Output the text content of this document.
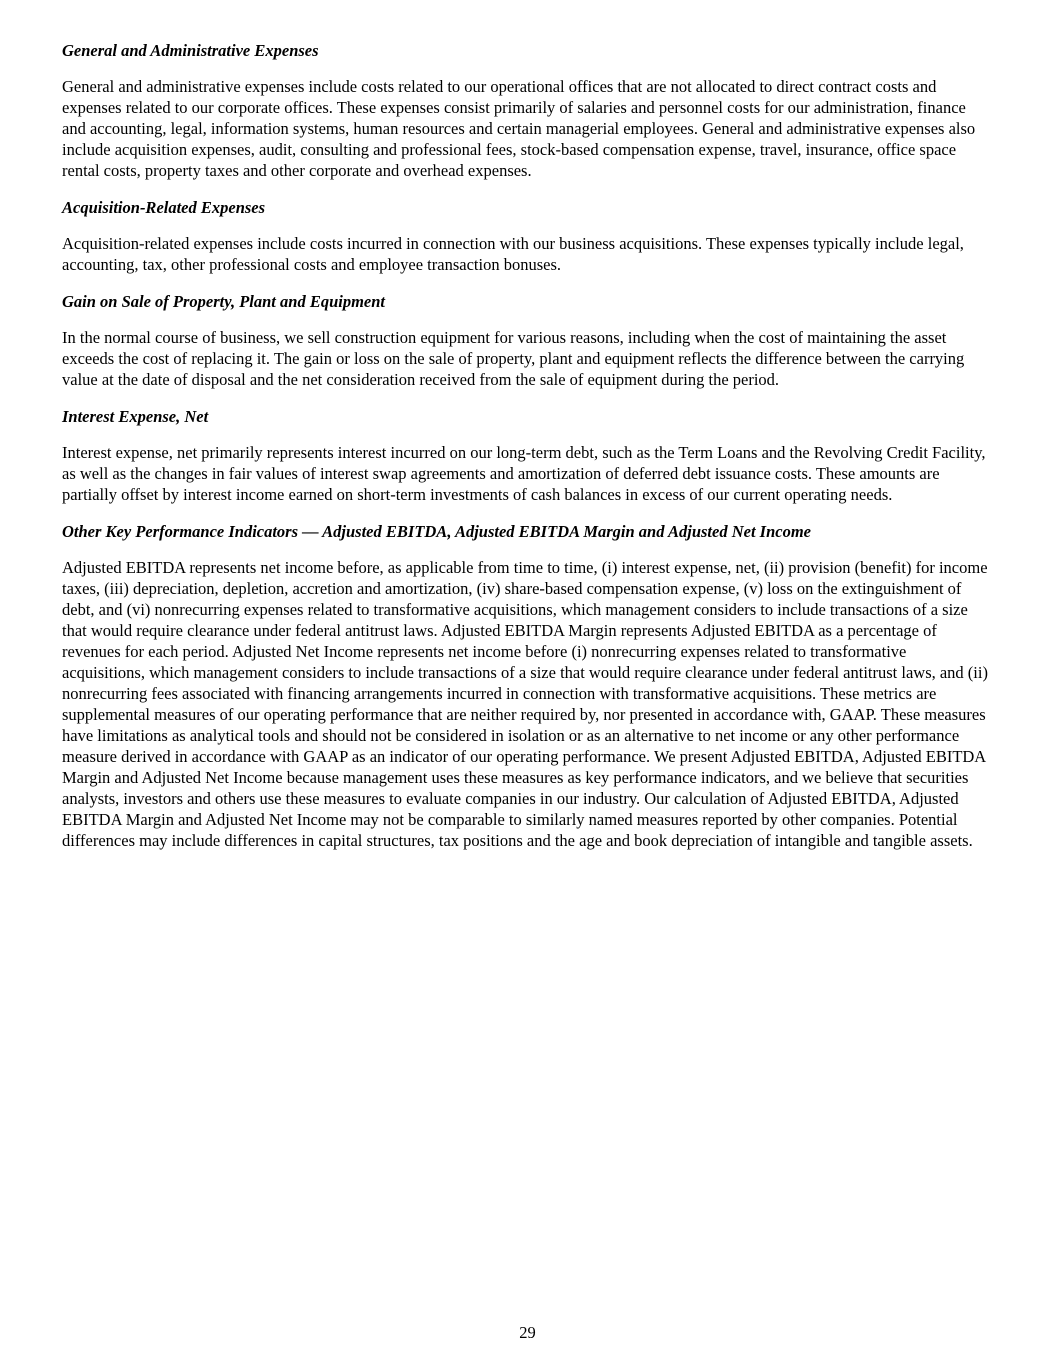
General and Administrative Expenses

General and administrative expenses include costs related to our operational offices that are not allocated to direct contract costs and expenses related to our corporate offices. These expenses consist primarily of salaries and personnel costs for our administration, finance and accounting, legal, information systems, human resources and certain managerial employees. General and administrative expenses also include acquisition expenses, audit, consulting and professional fees, stock-based compensation expense, travel, insurance, office space rental costs, property taxes and other corporate and overhead expenses.

Acquisition-Related Expenses

Acquisition-related expenses include costs incurred in connection with our business acquisitions. These expenses typically include legal, accounting, tax, other professional costs and employee transaction bonuses.

Gain on Sale of Property, Plant and Equipment

In the normal course of business, we sell construction equipment for various reasons, including when the cost of maintaining the asset exceeds the cost of replacing it. The gain or loss on the sale of property, plant and equipment reflects the difference between the carrying value at the date of disposal and the net consideration received from the sale of equipment during the period.

Interest Expense, Net

Interest expense, net primarily represents interest incurred on our long-term debt, such as the Term Loans and the Revolving Credit Facility, as well as the changes in fair values of interest swap agreements and amortization of deferred debt issuance costs. These amounts are partially offset by interest income earned on short-term investments of cash balances in excess of our current operating needs.

Other Key Performance Indicators — Adjusted EBITDA, Adjusted EBITDA Margin and Adjusted Net Income

Adjusted EBITDA represents net income before, as applicable from time to time, (i) interest expense, net, (ii) provision (benefit) for income taxes, (iii) depreciation, depletion, accretion and amortization, (iv) share-based compensation expense, (v) loss on the extinguishment of debt, and (vi) nonrecurring expenses related to transformative acquisitions, which management considers to include transactions of a size that would require clearance under federal antitrust laws. Adjusted EBITDA Margin represents Adjusted EBITDA as a percentage of revenues for each period. Adjusted Net Income represents net income before (i) nonrecurring expenses related to transformative acquisitions, which management considers to include transactions of a size that would require clearance under federal antitrust laws, and (ii) nonrecurring fees associated with financing arrangements incurred in connection with transformative acquisitions. These metrics are supplemental measures of our operating performance that are neither required by, nor presented in accordance with, GAAP. These measures have limitations as analytical tools and should not be considered in isolation or as an alternative to net income or any other performance measure derived in accordance with GAAP as an indicator of our operating performance. We present Adjusted EBITDA, Adjusted EBITDA Margin and Adjusted Net Income because management uses these measures as key performance indicators, and we believe that securities analysts, investors and others use these measures to evaluate companies in our industry. Our calculation of Adjusted EBITDA, Adjusted EBITDA Margin and Adjusted Net Income may not be comparable to similarly named measures reported by other companies. Potential differences may include differences in capital structures, tax positions and the age and book depreciation of intangible and tangible assets.

29
